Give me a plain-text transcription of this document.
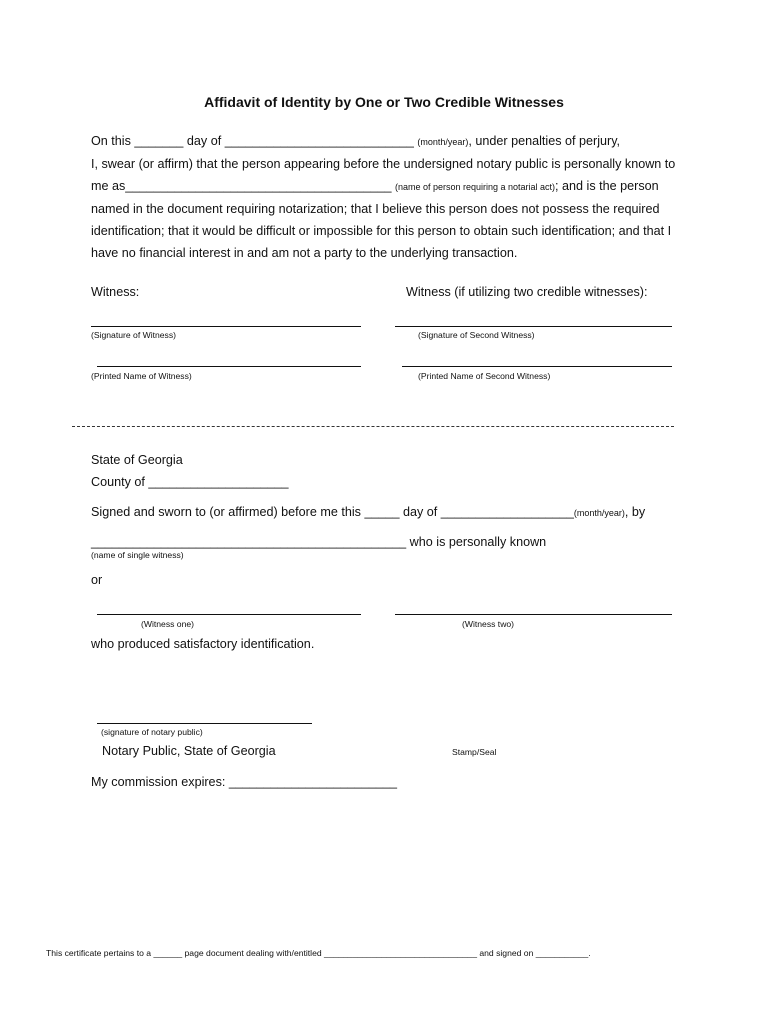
Affidavit of Identity by One or Two Credible Witnesses
On this _______ day of ___________________________ (month/year), under penalties of perjury,
I, swear (or affirm) that the person appearing before the undersigned notary public is personally known to
me as______________________________________ (name of person requiring a notarial act); and is the person
named in the document requiring notarization; that I believe this person does not possess the required
identification; that it would be difficult or impossible for this person to obtain such identification; and that I
have no financial interest in and am not a party to the underlying transaction.
Witness:	Witness (if utilizing two credible witnesses):
(Signature of Witness)	(Signature of Second Witness)
(Printed Name of Witness)	(Printed Name of Second Witness)
State of Georgia
County of ____________________
Signed and sworn to (or affirmed) before me this _____ day of ___________________(month/year), by
_____________________________________________ who is personally known
(name of single witness)
or
(Witness one)	(Witness two)
who produced satisfactory identification.
(signature of notary public)
Notary Public, State of Georgia	Stamp/Seal
My commission expires: ________________________
This certificate pertains to a ______ page document dealing with/entitled ________________________________ and signed on ___________.
